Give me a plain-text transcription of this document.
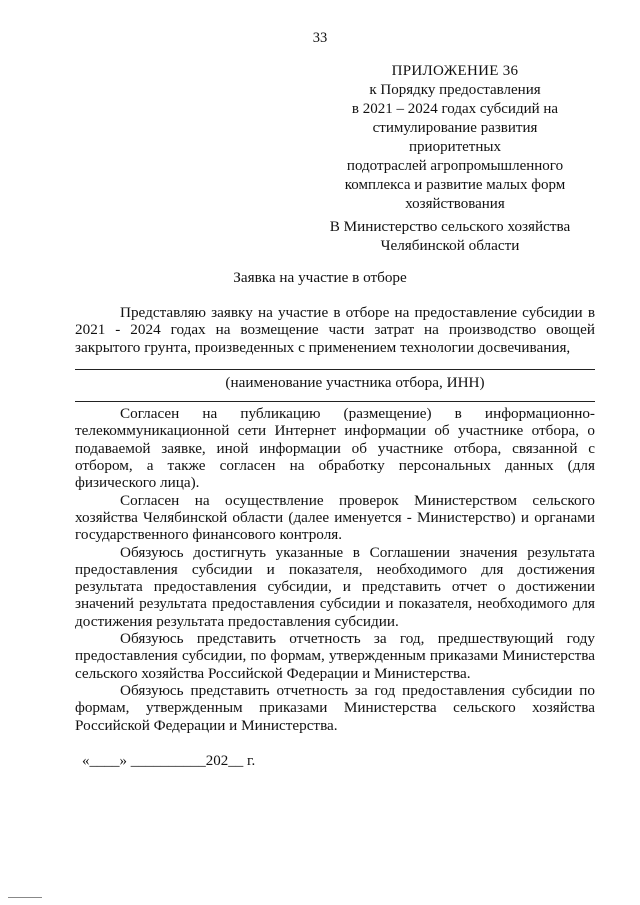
33
ПРИЛОЖЕНИЕ 36
к Порядку предоставления
в 2021 – 2024 годах субсидий на
стимулирование развития приоритетных
подотраслей агропромышленного
комплекса и развитие малых форм
хозяйствования
В Министерство сельского хозяйства
Челябинской области
Заявка на участие в отборе

Представляю заявку на участие в отборе на предоставление субсидии в 2021 - 2024 годах на возмещение части затрат на производство овощей закрытого грунта, произведенных с применением технологии досвечивания,

(наименование участника отбора, ИНН)

Согласен на публикацию (размещение) в информационно-телекоммуникационной сети Интернет информации об участнике отбора, о подаваемой заявке, иной информации об участнике отбора, связанной с отбором, а также согласен на обработку персональных данных (для физического лица).

Согласен на осуществление проверок Министерством сельского хозяйства Челябинской области (далее именуется - Министерство) и органами государственного финансового контроля.

Обязуюсь достигнуть указанные в Соглашении значения результата предоставления субсидии и показателя, необходимого для достижения результата предоставления субсидии, и представить отчет о достижении значений результата предоставления субсидии и показателя, необходимого для достижения результата предоставления субсидии.

Обязуюсь представить отчетность за год, предшествующий году предоставления субсидии, по формам, утвержденным приказами Министерства сельского хозяйства Российской Федерации и Министерства.

Обязуюсь представить отчетность за год предоставления субсидии по формам, утвержденным приказами Министерства сельского хозяйства Российской Федерации и Министерства.

«____» __________202__ г.
